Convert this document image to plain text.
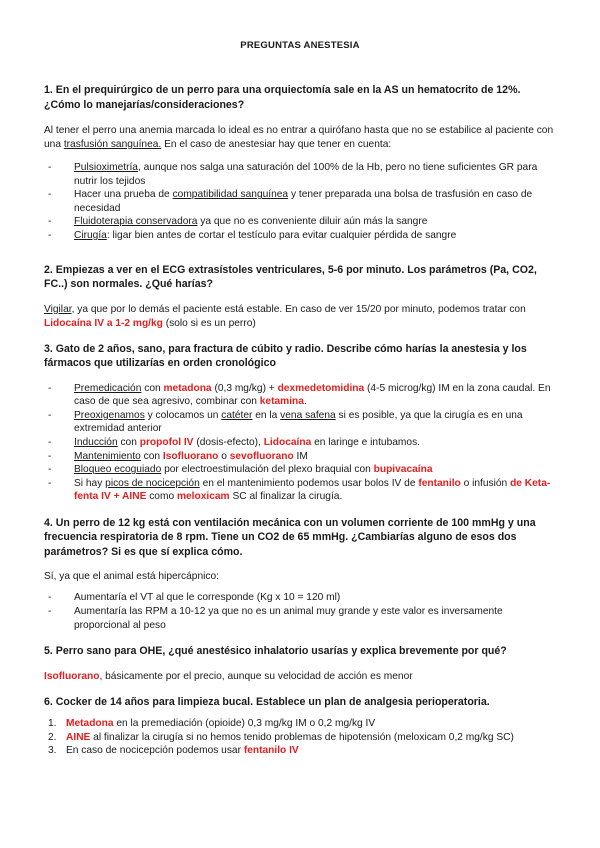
PREGUNTAS ANESTESIA

1. En el prequirúrgico de un perro para una orquiectomía sale en la AS un hematocrito de 12%. ¿Cómo lo manejarías/consideraciones?

Al tener el perro una anemia marcada lo ideal es no entrar a quirófano hasta que no se estabilice al paciente con una trasfusión sanguínea. En el caso de anestesiar hay que tener en cuenta:

- Pulsioximetría, aunque nos salga una saturación del 100% de la Hb, pero no tiene suficientes GR para nutrir los tejidos
- Hacer una prueba de compatibilidad sanguínea y tener preparada una bolsa de trasfusión en caso de necesidad
- Fluidoterapia conservadora ya que no es conveniente diluir aún más la sangre
- Cirugía: ligar bien antes de cortar el testículo para evitar cualquier pérdida de sangre

2. Empiezas a ver en el ECG extrasístoles ventriculares, 5-6 por minuto. Los parámetros (Pa, CO2, FC..) son normales. ¿Qué harías?

Vigilar, ya que por lo demás el paciente está estable. En caso de ver 15/20 por minuto, podemos tratar con Lidocaína IV a 1-2 mg/kg (solo si es un perro)

3. Gato de 2 años, sano, para fractura de cúbito y radio. Describe cómo harías la anestesia y los fármacos que utilizarías en orden cronológico

- Premedicación con metadona (0,3 mg/kg) + dexmedetomidina (4-5 microg/kg) IM en la zona caudal. En caso de que sea agresivo, combinar con ketamina.
- Preoxigenamos y colocamos un catéter en la vena safena si es posible, ya que la cirugía es en una extremidad anterior
- Inducción con propofol IV (dosis-efecto), Lidocaína en laringe e intubamos.
- Mantenimiento con Isofluorano o sevofluorano IM
- Bloqueo ecoguiado por electroestimulación del plexo braquial con bupivacaína
- Si hay picos de nocicepción en el mantenimiento podemos usar bolos IV de fentanilo o infusión de Keta-fenta IV + AINE como meloxicam SC al finalizar la cirugía.

4. Un perro de 12 kg está con ventilación mecánica con un volumen corriente de 100 mmHg y una frecuencia respiratoria de 8 rpm. Tiene un CO2 de 65 mmHg. ¿Cambiarías alguno de esos dos parámetros? Si es que sí explica cómo.

Sí, ya que el animal está hipercápnico:

- Aumentaría el VT al que le corresponde (Kg x 10 = 120 ml)
- Aumentaría las RPM a 10-12 ya que no es un animal muy grande y este valor es inversamente proporcional al peso

5. Perro sano para OHE, ¿qué anestésico inhalatorio usarías y explica brevemente por qué?

Isofluorano, básicamente por el precio, aunque su velocidad de acción es menor

6. Cocker de 14 años para limpieza bucal. Establece un plan de analgesia perioperatoria.

1. Metadona en la premediación (opioide) 0,3 mg/kg IM o 0,2 mg/kg IV
2. AINE al finalizar la cirugía si no hemos tenido problemas de hipotensión (meloxicam 0,2 mg/kg SC)
3. En caso de nocicepción podemos usar fentanilo IV
